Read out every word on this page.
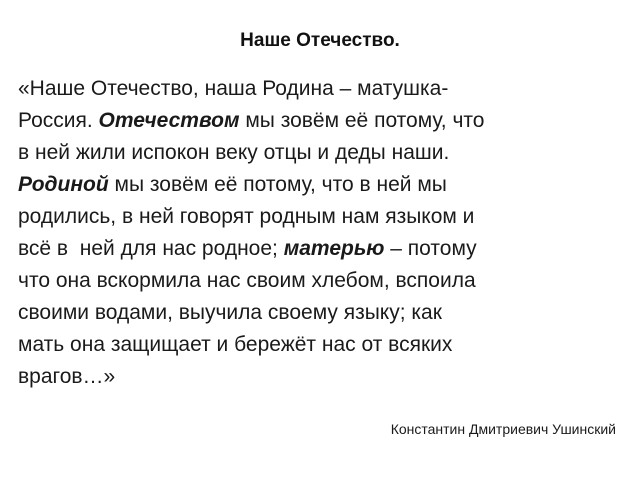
Наше Отечество.
«Наше Отечество, наша Родина – матушка-
Россия. Отечеством мы зовём её потому, что
в ней жили испокон веку отцы и деды наши.
Родиной мы зовём её потому, что в ней мы
родились, в ней говорят родным нам языком и
всё в  ней для нас родное; матерью – потому
что она вскормила нас своим хлебом, вспоила
своими водами, выучила своему языку; как
мать она защищает и бережёт нас от всяких
врагов…»
Константин Дмитриевич Ушинский
